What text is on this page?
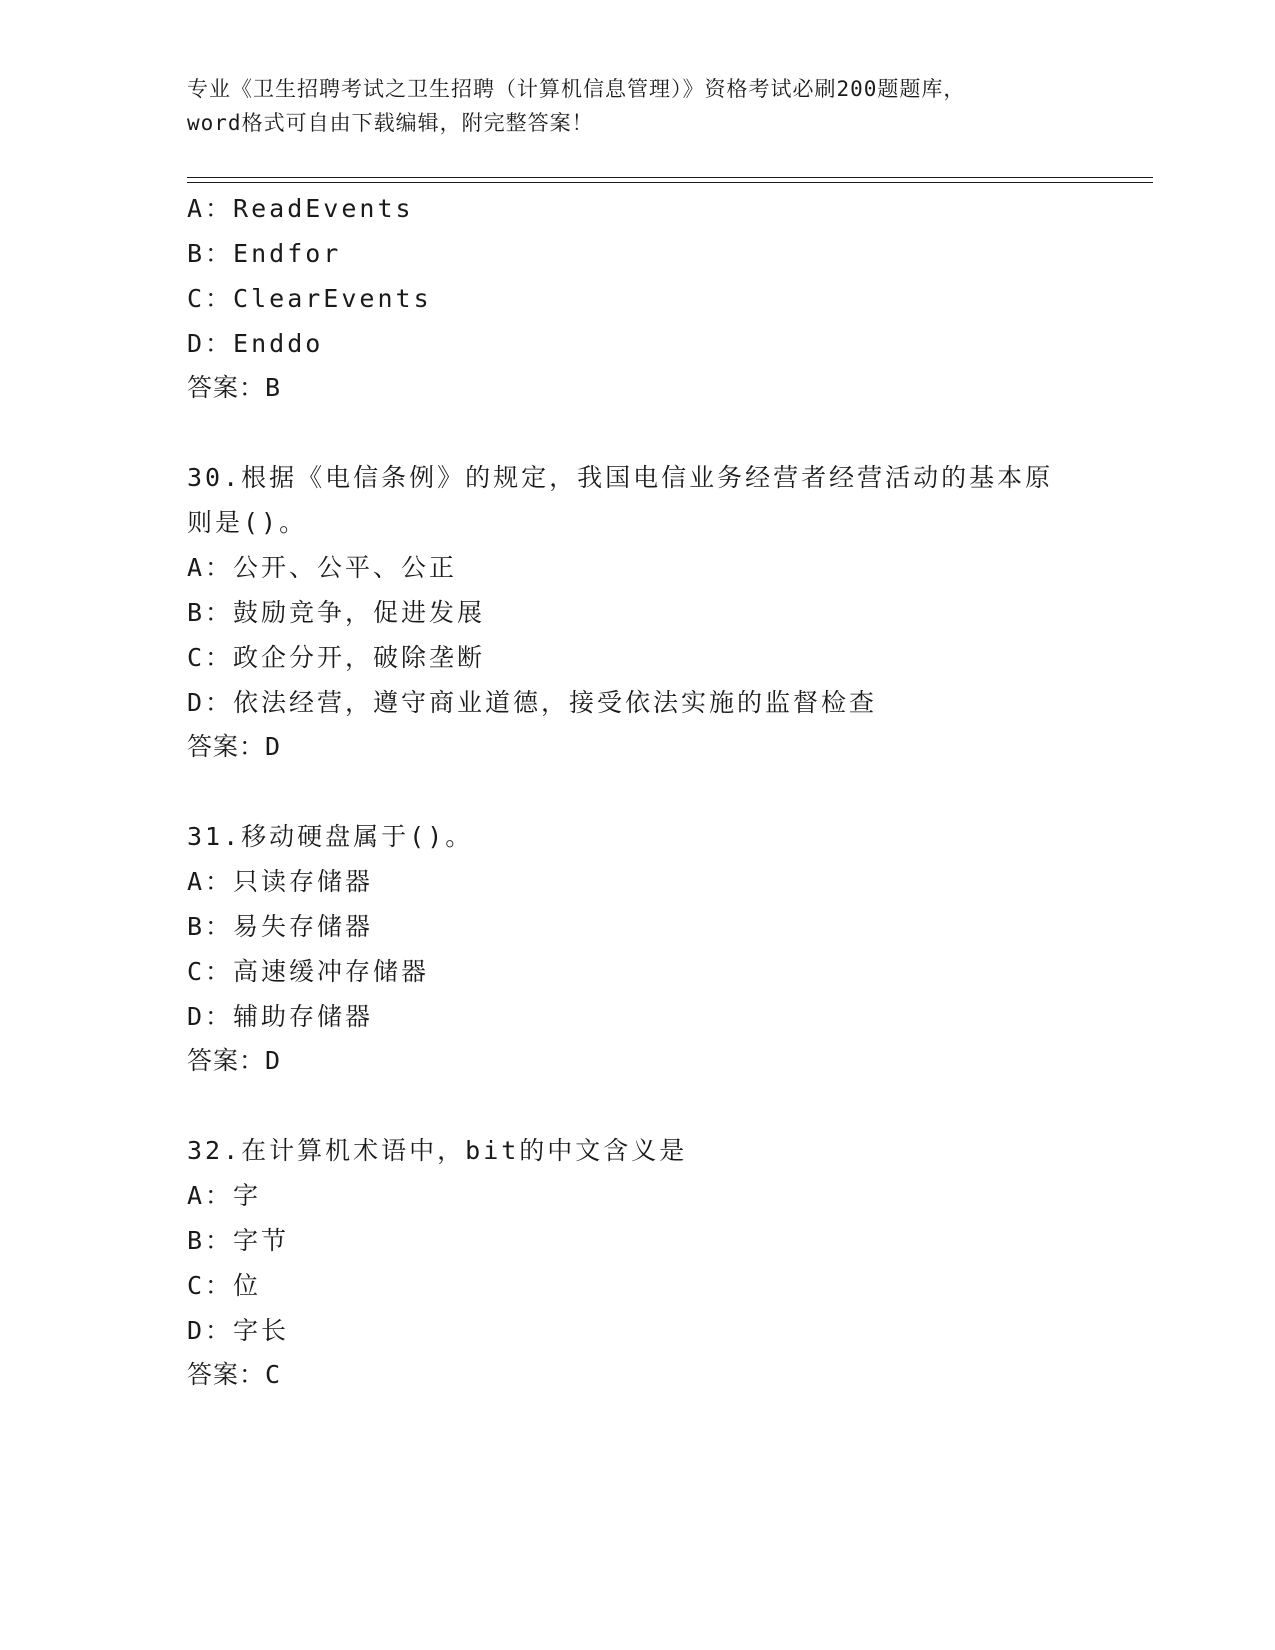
专业《卫生招聘考试之卫生招聘（计算机信息管理）》资格考试必刷200题题库，
word格式可自由下载编辑，附完整答案！
A：ReadEvents
B：Endfor
C：ClearEvents
D：Enddo
答案：B
30.根据《电信条例》的规定，我国电信业务经营者经营活动的基本原
则是()。
A：公开、公平、公正
B：鼓励竞争，促进发展
C：政企分开，破除垄断
D：依法经营，遵守商业道德，接受依法实施的监督检查
答案：D
31.移动硬盘属于()。
A：只读存储器
B：易失存储器
C：高速缓冲存储器
D：辅助存储器
答案：D
32.在计算机术语中，bit的中文含义是
A：字
B：字节
C：位
D：字长
答案：C
